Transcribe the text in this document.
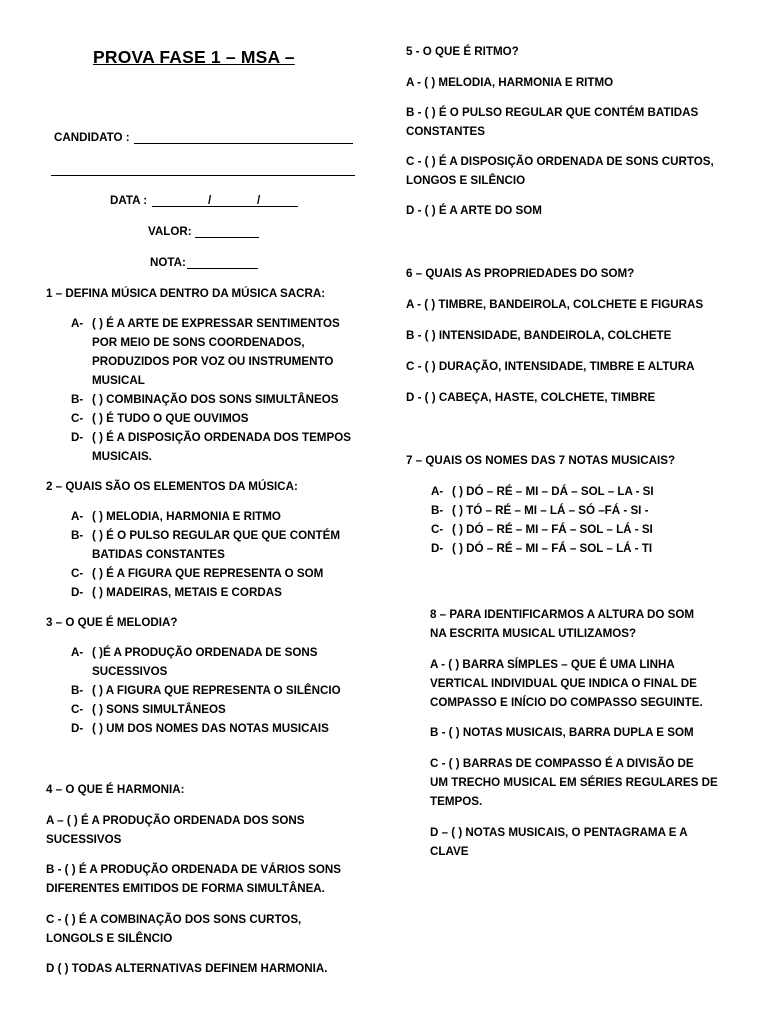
PROVA FASE 1 – MSA –
CANDIDATO :
DATA :	/	/
VALOR:
NOTA:

1 – DEFINA MÚSICA DENTRO DA MÚSICA SACRA:

A- ( ) É A ARTE DE EXPRESSAR SENTIMENTOS
POR MEIO DE SONS COORDENADOS,
PRODUZIDOS POR VOZ OU INSTRUMENTO
MUSICAL
B- ( ) COMBINAÇÃO DOS SONS SIMULTÂNEOS
C- ( ) É TUDO O QUE OUVIMOS
D- ( ) É A DISPOSIÇÃO ORDENADA DOS TEMPOS
MUSICAIS.

2 – QUAIS SÃO OS ELEMENTOS DA MÚSICA:

A- ( ) MELODIA, HARMONIA E RITMO
B- ( ) É O PULSO REGULAR QUE QUE CONTÉM
BATIDAS CONSTANTES
C- ( ) É A FIGURA QUE REPRESENTA O SOM
D- ( ) MADEIRAS, METAIS E CORDAS

3 – O QUE É MELODIA?

A- ( )É A PRODUÇÃO ORDENADA DE SONS
SUCESSIVOS
B- ( ) A FIGURA QUE REPRESENTA O SILÊNCIO
C- ( ) SONS SIMULTÂNEOS
D- ( ) UM DOS NOMES DAS NOTAS MUSICAIS

4 – O QUE É HARMONIA:

A – ( ) É A PRODUÇÃO ORDENADA DOS SONS
SUCESSIVOS
B - ( ) É A PRODUÇÃO ORDENADA DE VÁRIOS SONS
DIFERENTES EMITIDOS DE FORMA SIMULTÂNEA.
C - ( ) É A COMBINAÇÃO DOS SONS CURTOS,
LONGOLS E SILÊNCIO
D ( ) TODAS ALTERNATIVAS DEFINEM HARMONIA.

5 - O QUE É RITMO?

A - ( ) MELODIA, HARMONIA E RITMO
B - ( ) É O PULSO REGULAR QUE CONTÉM BATIDAS
CONSTANTES
C - ( ) É A DISPOSIÇÃO ORDENADA DE SONS CURTOS,
LONGOS E SILÊNCIO
D - ( ) É A ARTE DO SOM

6 – QUAIS AS PROPRIEDADES DO SOM?

A - ( ) TIMBRE, BANDEIROLA, COLCHETE E FIGURAS
B - ( ) INTENSIDADE, BANDEIROLA, COLCHETE
C - ( ) DURAÇÃO, INTENSIDADE, TIMBRE E ALTURA
D - ( ) CABEÇA, HASTE, COLCHETE, TIMBRE

7 – QUAIS OS NOMES DAS 7 NOTAS MUSICAIS?

A- ( ) DÓ – RÉ – MI – DÁ – SOL – LA - SI
B- ( ) TÓ – RÉ – MI – LÁ – SÓ –FÁ - SI -
C- ( ) DÓ – RÉ – MI – FÁ – SOL – LÁ - SI
D- ( ) DÓ – RÉ – MI – FÁ – SOL – LÁ - TI
8 – PARA IDENTIFICARMOS A ALTURA DO SOM
NA ESCRITA MUSICAL UTILIZAMOS?
A - ( ) BARRA SÍMPLES – QUE É UMA LINHA
VERTICAL INDIVIDUAL QUE INDICA O FINAL DE
COMPASSO E INÍCIO DO COMPASSO SEGUINTE.
B - ( ) NOTAS MUSICAIS, BARRA DUPLA E SOM
C - ( ) BARRAS DE COMPASSO É A DIVISÃO DE
UM TRECHO MUSICAL EM SÉRIES REGULARES DE
TEMPOS.
D – ( ) NOTAS MUSICAIS, O PENTAGRAMA E A
CLAVE
